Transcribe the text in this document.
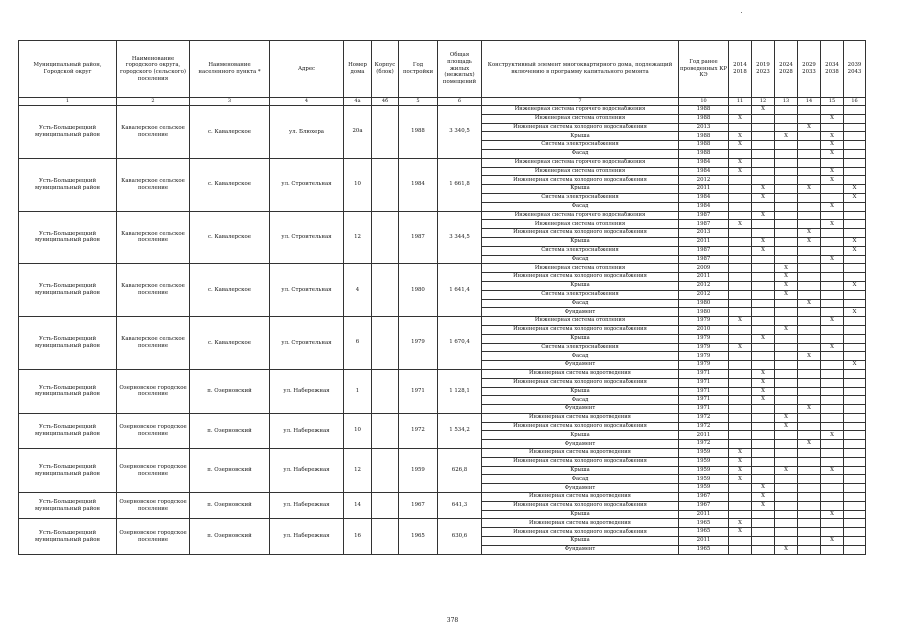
Муниципальный район, Городской округ	Наименование городского округа, городского (сельского) поселения	Наименование населенного пункта *	Адрес	Номер дома	Корпус (блок)	Год постройки	Общая площадь жилых (нежилых) помещений	Конструктивный элемент многоквартирного дома, подлежащий включению в программу капитального ремонта	Год ранее проведенных КР КЭ	2014 2018	2019 2023	2024 2028	2029 2033	2034 2038	2039 2043
1	2	3	4	4а	4б	5	6	7	10	11	12	13	14	15	16
Усть-Большерецкий муниципальный район	Кавалерское сельское поселение	с. Кавалерское	ул. Блюхера	20а		1988	3 340,5	Инженерная система горячего водоснабжения	1988		X				
								Инженерная система отопления	1988	X				X	
								Инженерная система холодного водоснабжения	2013				X		
								Крыша	1988	X		X		X	
								Система электроснабжения	1988	X				X	
								Фасад	1988					X	
Усть-Большерецкий муниципальный район	Кавалерское сельское поселение	с. Кавалерское	ул. Строительная	10		1984	1 661,8	Инженерная система горячего водоснабжения	1984	X					
								Инженерная система отопления	1984	X				X	
								Инженерная система холодного водоснабжения	2012					X	
								Крыша	2011		X		X		X
								Система электроснабжения	1984		X				X
								Фасад	1984					X	
Усть-Большерецкий муниципальный район	Кавалерское сельское поселение	с. Кавалерское	ул. Строительная	12		1987	3 344,5	Инженерная система горячего водоснабжения	1987		X				
								Инженерная система отопления	1987	X				X	
								Инженерная система холодного водоснабжения	2013				X		
								Крыша	2011		X		X		X
								Система электроснабжения	1987		X				X
								Фасад	1987					X	
Усть-Большерецкий муниципальный район	Кавалерское сельское поселение	с. Кавалерское	ул. Строительная	4		1980	1 641,4	Инженерная система отопления	2009			X			
								Инженерная система холодного водоснабжения	2011			X			
								Крыша	2012			X			X
								Система электроснабжения	2012			X			
								Фасад	1980				X		
								Фундамент	1980						X
Усть-Большерецкий муниципальный район	Кавалерское сельское поселение	с. Кавалерское	ул. Строительная	6		1979	1 670,4	Инженерная система отопления	1979	X				X	
								Инженерная система холодного водоснабжения	2010			X			
								Крыша	1979		X				
								Система электроснабжения	1979	X				X	
								Фасад	1979				X		
								Фундамент	1979						X
Усть-Большерецкий муниципальный район	Озерновское городское поселение	п. Озерновский	ул. Набережная	1		1971	1 128,1	Инженерная система водоотведения	1971		X				
								Инженерная система холодного водоснабжения	1971		X				
								Крыша	1971		X				
								Фасад	1971		X				
								Фундамент	1971				X		
Усть-Большерецкий муниципальный район	Озерновское городское поселение	п. Озерновский	ул. Набережная	10		1972	1 534,2	Инженерная система водоотведения	1972			X			
								Инженерная система холодного водоснабжения	1972			X			
								Крыша	2011					X	
								Фундамент	1972				X		
Усть-Большерецкий муниципальный район	Озерновское городское поселение	п. Озерновский	ул. Набережная	12		1959	626,8	Инженерная система водоотведения	1959	X					
								Инженерная система холодного водоснабжения	1959	X					
								Крыша	1959	X		X		X	
								Фасад	1959	X					
								Фундамент	1959		X				
Усть-Большерецкий муниципальный район	Озерновское городское поселение	п. Озерновский	ул. Набережная	14		1967	641,3	Инженерная система водоотведения	1967		X				
								Инженерная система холодного водоснабжения	1967		X				
								Крыша	2011					X	
Усть-Большерецкий муниципальный район	Озерновское городское поселение	п. Озерновский	ул. Набережная	16		1965	630,6	Инженерная система водоотведения	1965	X					
								Инженерная система холодного водоснабжения	1965	X					
								Крыша	2011					X	
								Фундамент	1965			X			
378
